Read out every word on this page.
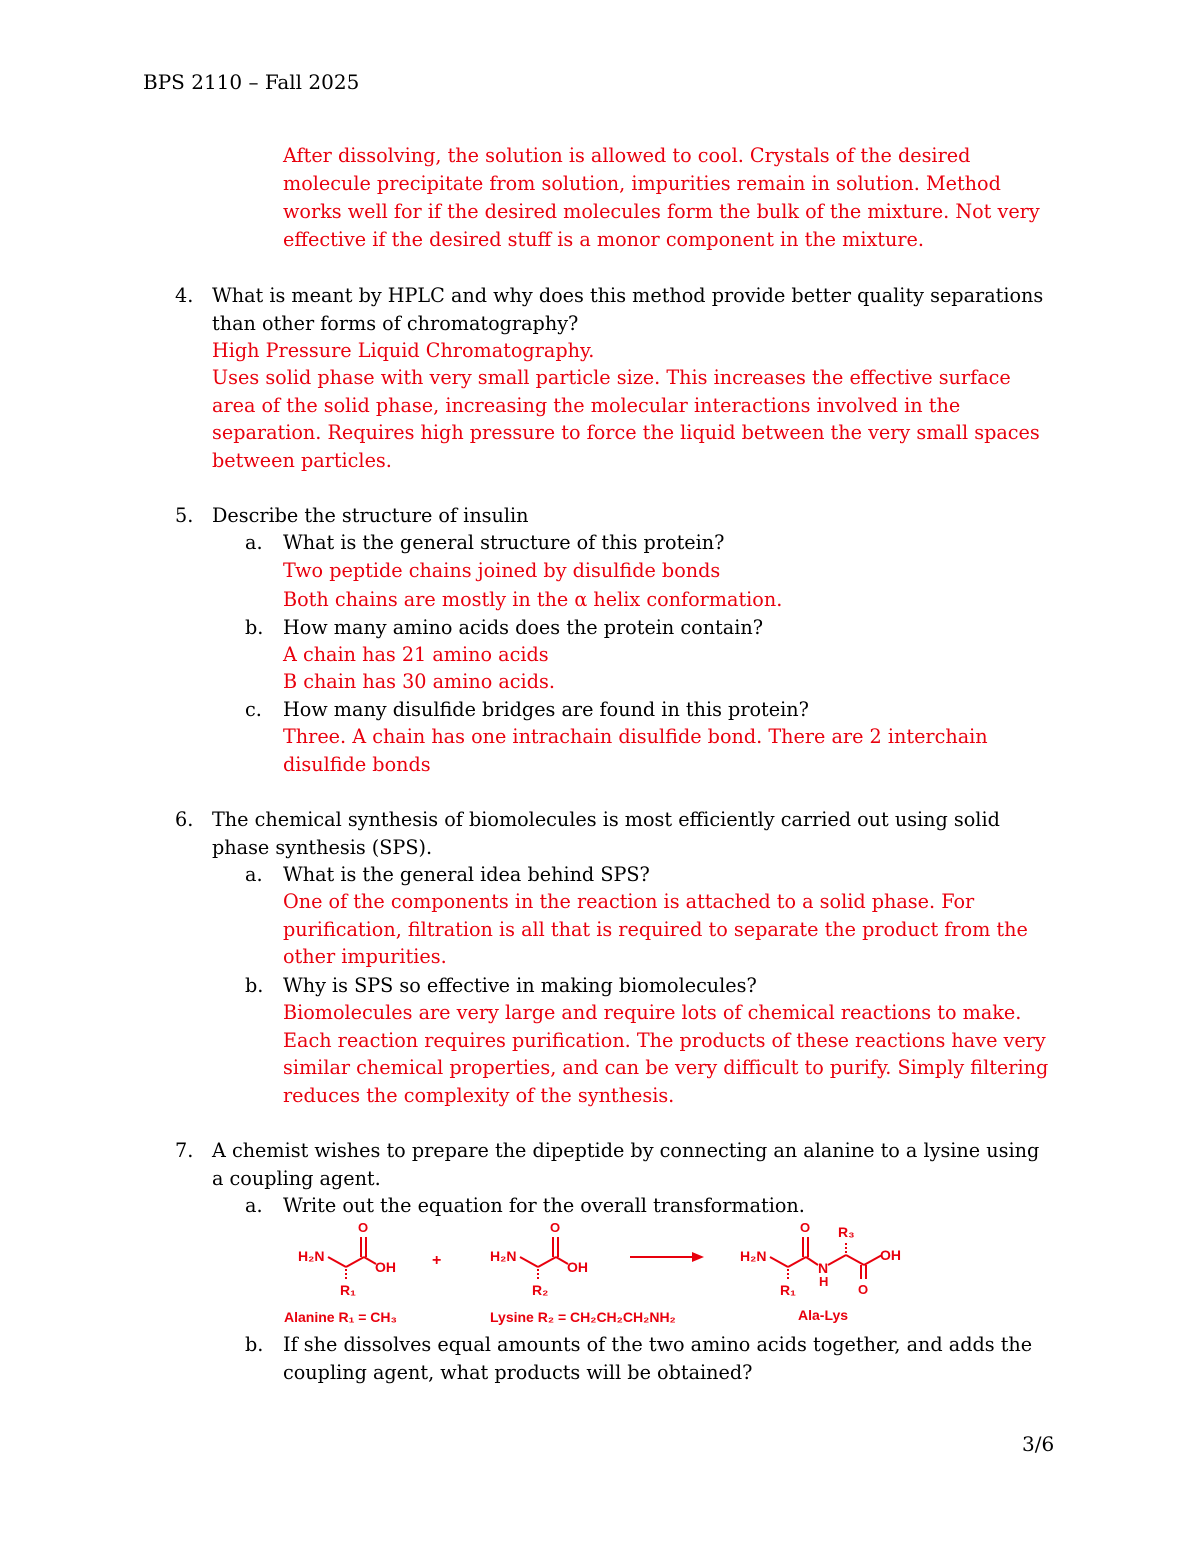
BPS 2110 – Fall 2025
After dissolving, the solution is allowed to cool. Crystals of the desired
molecule precipitate from solution, impurities remain in solution. Method
works well for if the desired molecules form the bulk of the mixture. Not very
effective if the desired stuff is a monor component in the mixture.
4. What is meant by HPLC and why does this method provide better quality separations
than other forms of chromatography?
High Pressure Liquid Chromatography.
Uses solid phase with very small particle size. This increases the effective surface
area of the solid phase, increasing the molecular interactions involved in the
separation. Requires high pressure to force the liquid between the very small spaces
between particles.
5. Describe the structure of insulin
a. What is the general structure of this protein?
Two peptide chains joined by disulfide bonds
Both chains are mostly in the α helix conformation.
b. How many amino acids does the protein contain?
A chain has 21 amino acids
B chain has 30 amino acids.
c. How many disulfide bridges are found in this protein?
Three. A chain has one intrachain disulfide bond. There are 2 interchain
disulfide bonds
6. The chemical synthesis of biomolecules is most efficiently carried out using solid
phase synthesis (SPS).
a. What is the general idea behind SPS?
One of the components in the reaction is attached to a solid phase. For
purification, filtration is all that is required to separate the product from the
other impurities.
b. Why is SPS so effective in making biomolecules?
Biomolecules are very large and require lots of chemical reactions to make.
Each reaction requires purification. The products of these reactions have very
similar chemical properties, and can be very difficult to purify. Simply filtering
reduces the complexity of the synthesis.
7. A chemist wishes to prepare the dipeptide by connecting an alanine to a lysine using
a coupling agent.
a. Write out the equation for the overall transformation.
O
H₂N
OH
R₁
+
O
H₂N
OH
R₂
O
H₂N
N
H
R₃
R₁	O
OH
Alanine R₁ = CH₃	Lysine R₂ = CH₂CH₂CH₂NH₂	Ala-Lys
b. If she dissolves equal amounts of the two amino acids together, and adds the
coupling agent, what products will be obtained?
3/6
